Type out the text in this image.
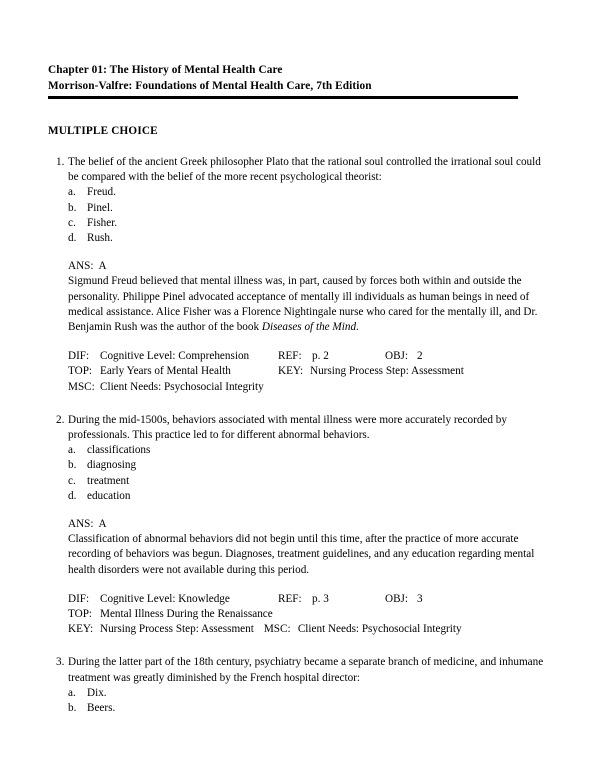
Chapter 01: The History of Mental Health Care
Morrison-Valfre: Foundations of Mental Health Care, 7th Edition
MULTIPLE CHOICE
1. The belief of the ancient Greek philosopher Plato that the rational soul controlled the irrational soul could be compared with the belief of the more recent psychological theorist:

a.	Freud.
b. Pinel.
c.	Fisher.
d. Rush.
ANS: A

Sigmund Freud believed that mental illness was, in part, caused by forces both within and outside the personality. Philippe Pinel advocated acceptance of mentally ill individuals as human beings in need of medical assistance. Alice Fisher was a Florence Nightingale nurse who cared for the mentally ill, and Dr. Benjamin Rush was the author of the book Diseases of the Mind.

DIF: Cognitive Level: Comprehension	REF: p. 2	OBJ: 2
TOP: Early Years of Mental Health	KEY: Nursing Process Step: Assessment
MSC: Client Needs: Psychosocial Integrity
2. During the mid-1500s, behaviors associated with mental illness were more accurately recorded by professionals. This practice led to for different abnormal behaviors.

a.	classifications
b. diagnosing
c.	treatment
d. education
ANS: A

Classification of abnormal behaviors did not begin until this time, after the practice of more accurate recording of behaviors was begun. Diagnoses, treatment guidelines, and any education regarding mental health disorders were not available during this period.

DIF: Cognitive Level: Knowledge	REF: p. 3	OBJ: 3
TOP: Mental Illness During the Renaissance
KEY: Nursing Process Step: Assessment MSC: Client Needs: Psychosocial Integrity
3. During the latter part of the 18th century, psychiatry became a separate branch of medicine, and inhumane treatment was greatly diminished by the French hospital director:

a.	Dix.
b. Beers.
